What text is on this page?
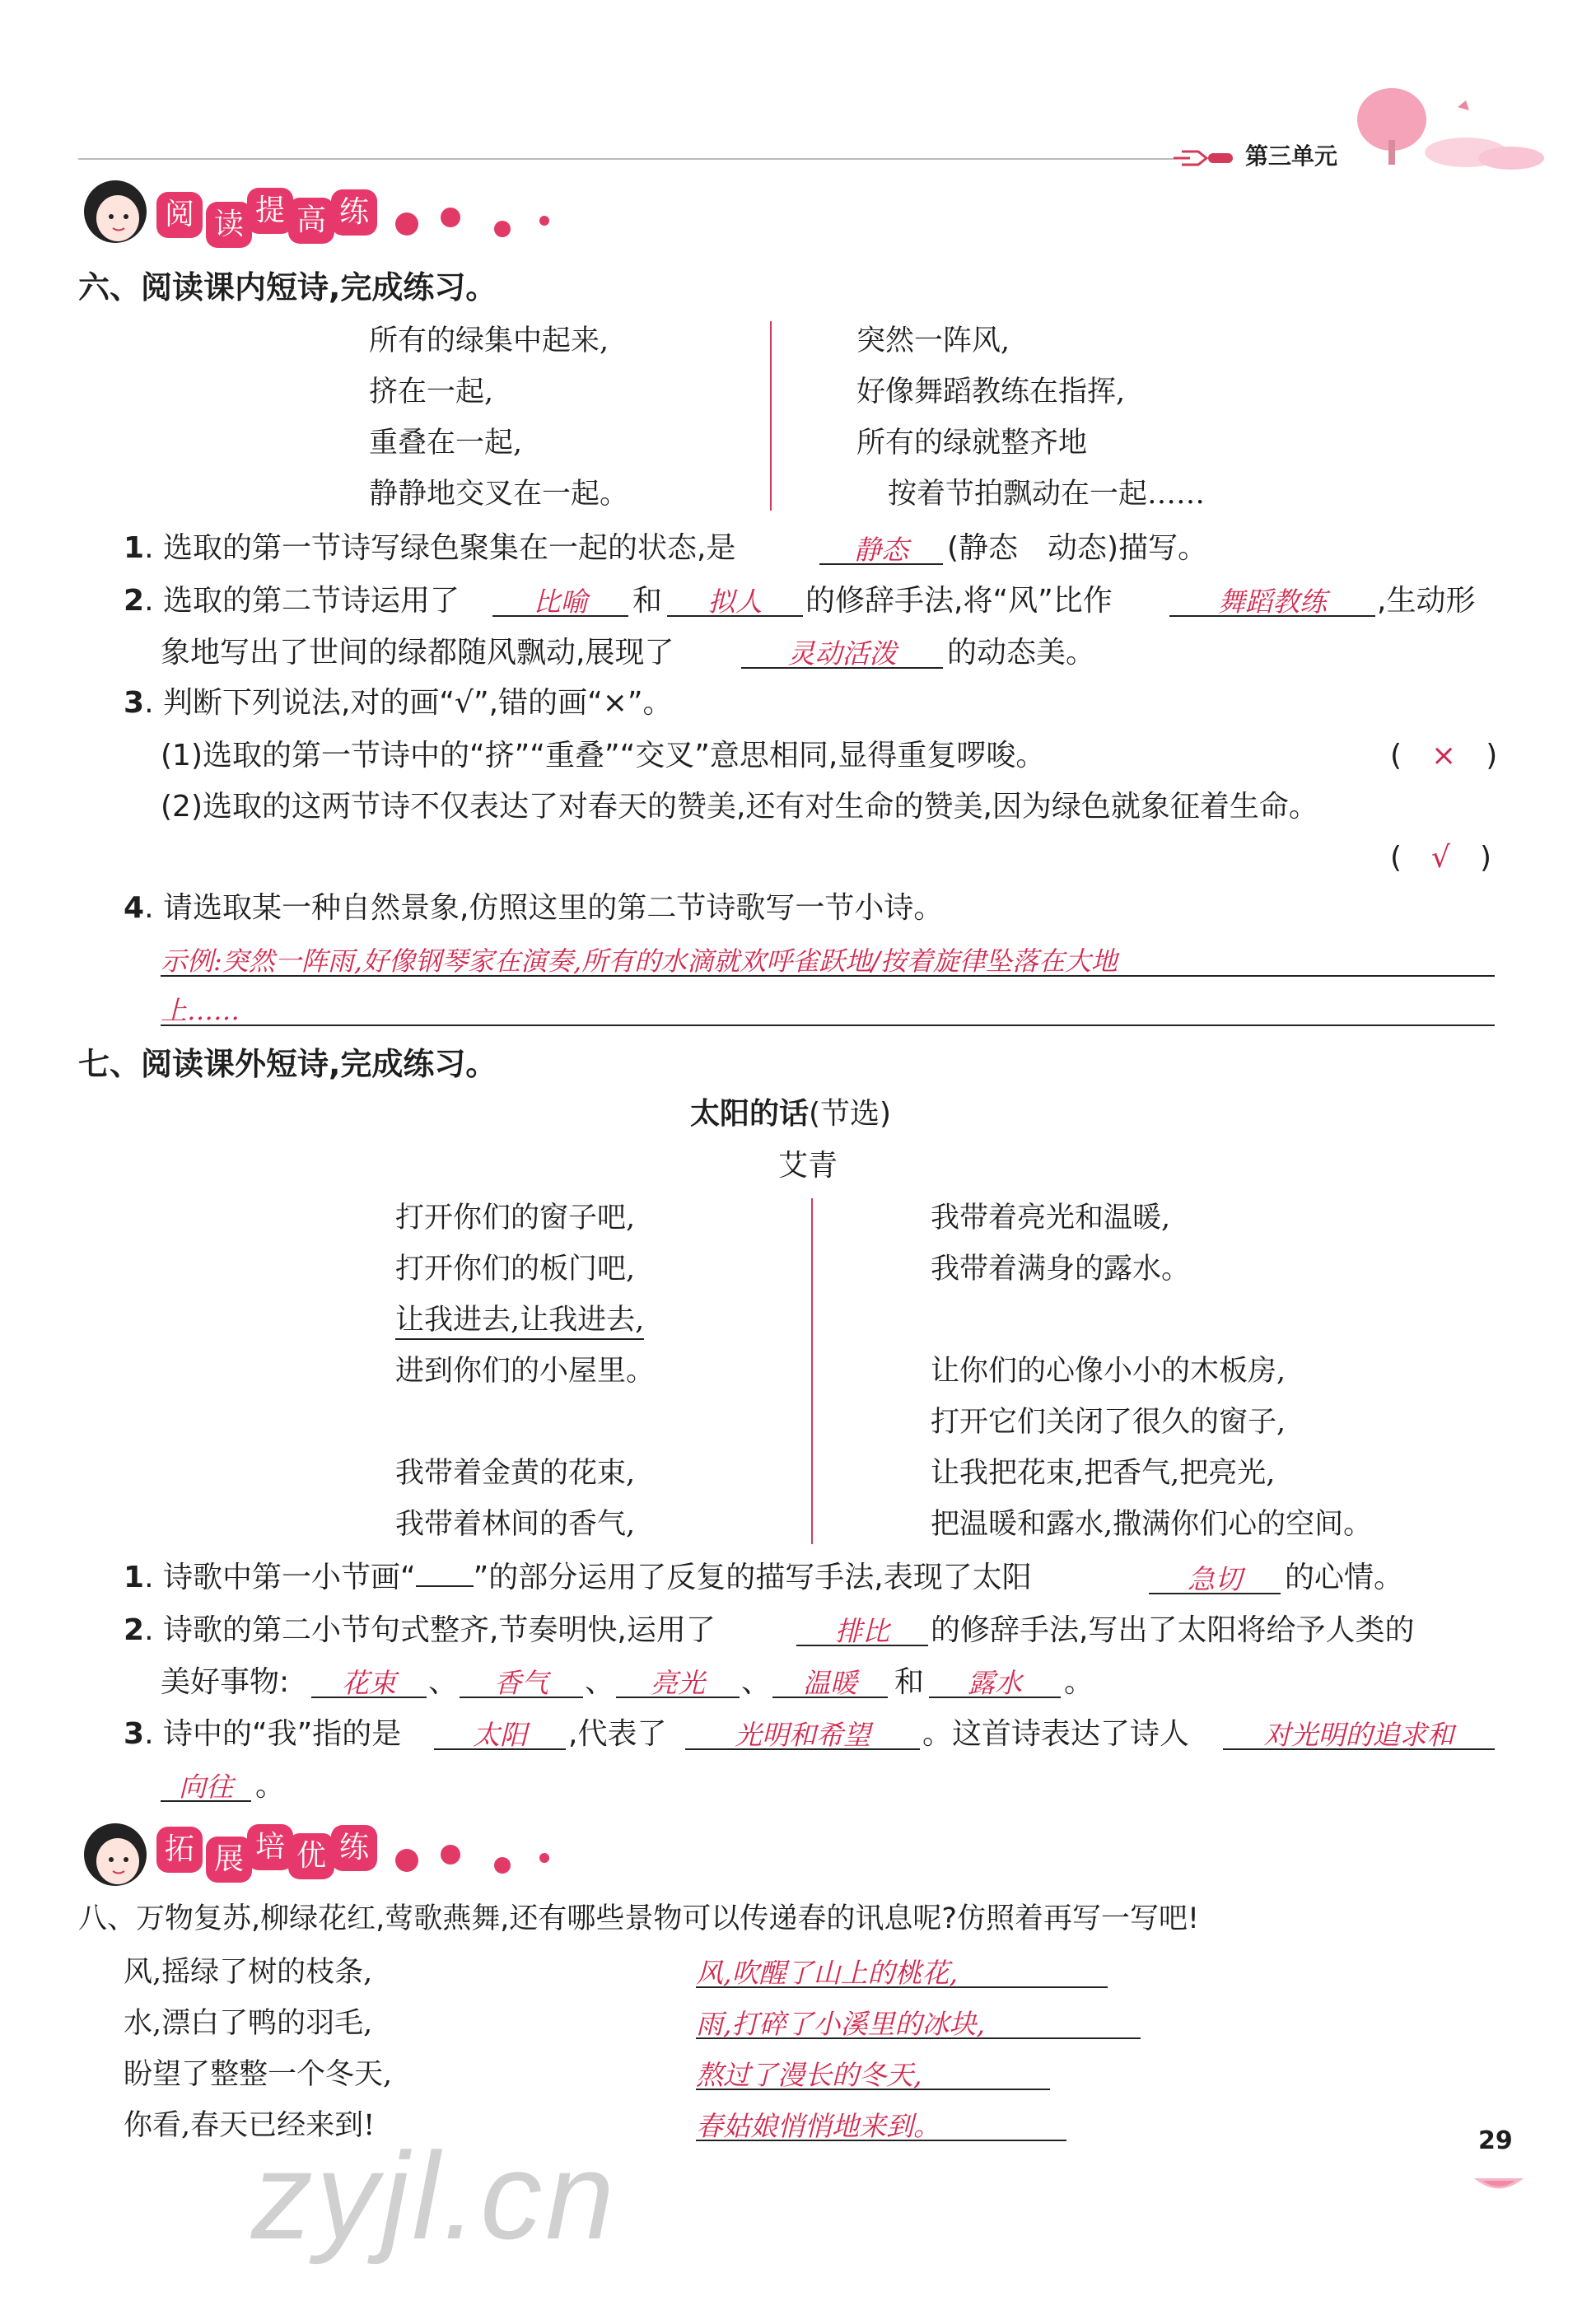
第三单元
阅 读 提 高 练
六、阅读课内短诗,完成练习。
所有的绿集中起来,
挤在一起,
重叠在一起,
静静地交叉在一起。
突然一阵风,
好像舞蹈教练在指挥,
所有的绿就整齐地
按着节拍飘动在一起……
1. 选取的第一节诗写绿色聚集在一起的状态,是	静态	(静态　动态)描写。
2. 选取的第二节诗运用了	比喻	和	拟人	的修辞手法,将“风”比作	舞蹈教练	,生动形
象地写出了世间的绿都随风飘动,展现了	灵动活泼	的动态美。
3. 判断下列说法,对的画“√”,错的画“×”。
(1)选取的第一节诗中的“挤”“重叠”“交叉”意思相同,显得重复啰唆。	(　×　)
(2)选取的这两节诗不仅表达了对春天的赞美,还有对生命的赞美,因为绿色就象征着生命。
(　√　)
4. 请选取某一种自然景象,仿照这里的第二节诗歌写一节小诗。
示例:突然一阵雨,好像钢琴家在演奏,所有的水滴就欢呼雀跃地/按着旋律坠落在大地
上……
七、阅读课外短诗,完成练习。
太阳的话(节选)
艾青
打开你们的窗子吧,
打开你们的板门吧,
让我进去,让我进去,
进到你们的小屋里。
我带着金黄的花束,
我带着林间的香气,
我带着亮光和温暖,
我带着满身的露水。
让你们的心像小小的木板房,
打开它们关闭了很久的窗子,
让我把花束,把香气,把亮光,
把温暖和露水,撒满你们心的空间。
1. 诗歌中第一小节画“ ”的部分运用了反复的描写手法,表现了太阳	急切	的心情。
2. 诗歌的第二小节句式整齐,节奏明快,运用了	排比	的修辞手法,写出了太阳将给予人类的
美好事物:	花束	、	香气	、	亮光	、	温暖	和	露水	。
3. 诗中的“我”指的是	太阳	,代表了	光明和希望	。这首诗表达了诗人	对光明的追求和
向往 。
拓 展 培 优 练
八、万物复苏,柳绿花红,莺歌燕舞,还有哪些景物可以传递春的讯息呢?仿照着再写一写吧!
风,摇绿了树的枝条,
水,漂白了鸭的羽毛,
盼望了整整一个冬天,
你看,春天已经来到!
风,吹醒了山上的桃花,
雨,打碎了小溪里的冰块,
熬过了漫长的冬天,
春姑娘悄悄地来到。
zyjl.cn	29
